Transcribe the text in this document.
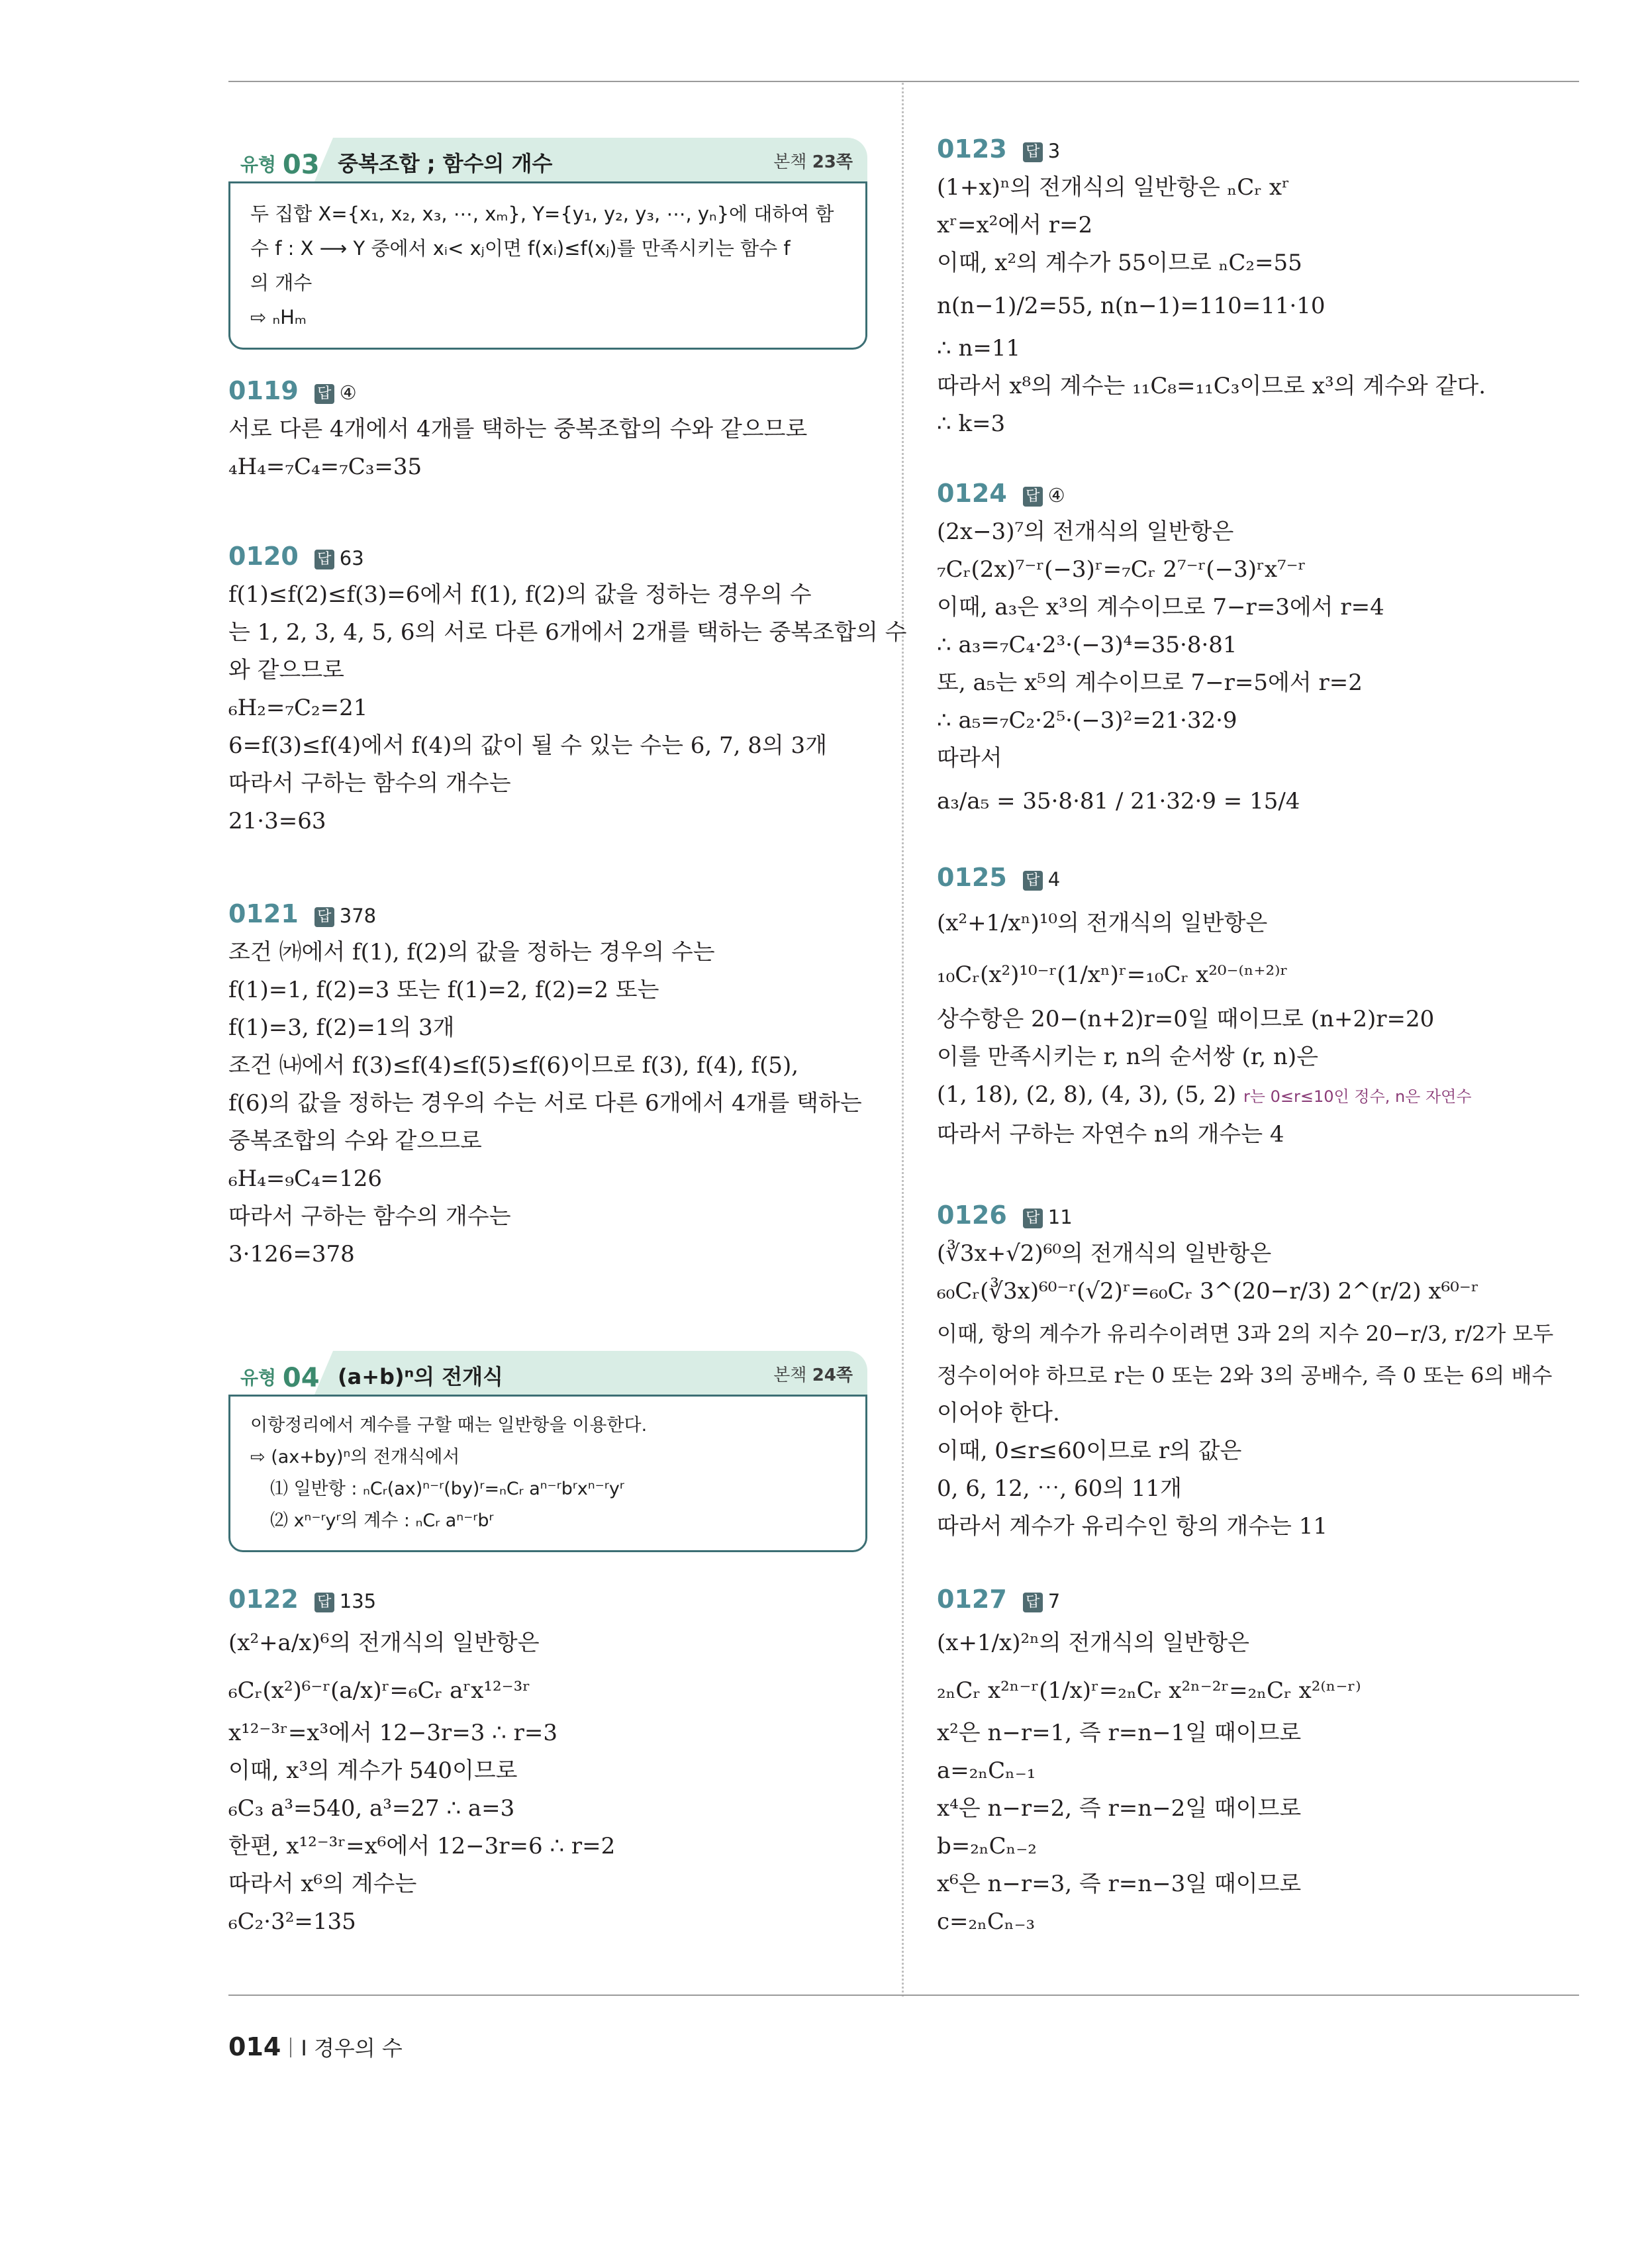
유형 03 중복조합 ; 함수의 개수	본책 23쪽
두 집합 X={x₁, x₂, x₃, ⋯, xₘ}, Y={y₁, y₂, y₃, ⋯, yₙ}에 대하여 함
수 f : X ⟶ Y 중에서 xᵢ< xⱼ이면 f(xᵢ)≤f(xⱼ)를 만족시키는 함수 f
의 개수
⇨ ₙHₘ
0119 답 ④
서로 다른 4개에서 4개를 택하는 중복조합의 수와 같으므로
₄H₄=₇C₄=₇C₃=35
0120 답 63
f(1)≤f(2)≤f(3)=6에서 f(1), f(2)의 값을 정하는 경우의 수
는 1, 2, 3, 4, 5, 6의 서로 다른 6개에서 2개를 택하는 중복조합의 수
와 같으므로
₆H₂=₇C₂=21
6=f(3)≤f(4)에서 f(4)의 값이 될 수 있는 수는 6, 7, 8의 3개
따라서 구하는 함수의 개수는
21·3=63
0121 답 378
조건 ㈎에서 f(1), f(2)의 값을 정하는 경우의 수는
f(1)=1, f(2)=3 또는 f(1)=2, f(2)=2 또는
f(1)=3, f(2)=1의 3개
조건 ㈏에서 f(3)≤f(4)≤f(5)≤f(6)이므로 f(3), f(4), f(5),
f(6)의 값을 정하는 경우의 수는 서로 다른 6개에서 4개를 택하는
중복조합의 수와 같으므로
₆H₄=₉C₄=126
따라서 구하는 함수의 개수는
3·126=378
유형 04 (a+b)ⁿ의 전개식	본책 24쪽
이항정리에서 계수를 구할 때는 일반항을 이용한다.
⇨ (ax+by)ⁿ의 전개식에서
⑴ 일반항 : ₙCᵣ(ax)ⁿ⁻ʳ(by)ʳ=ₙCᵣ aⁿ⁻ʳbʳxⁿ⁻ʳyʳ
⑵ xⁿ⁻ʳyʳ의 계수 : ₙCᵣ aⁿ⁻ʳbʳ
0122 답 135
(x²+a/x)⁶의 전개식의 일반항은
₆Cᵣ(x²)⁶⁻ʳ(a/x)ʳ=₆Cᵣ aʳx¹²⁻³ʳ
x¹²⁻³ʳ=x³에서 12−3r=3 ∴ r=3
이때, x³의 계수가 540이므로
₆C₃ a³=540, a³=27 ∴ a=3
한편, x¹²⁻³ʳ=x⁶에서 12−3r=6 ∴ r=2
따라서 x⁶의 계수는
₆C₂·3²=135
0123 답 3
(1+x)ⁿ의 전개식의 일반항은 ₙCᵣ xʳ
xʳ=x²에서 r=2
이때, x²의 계수가 55이므로 ₙC₂=55
n(n−1)/2=55, n(n−1)=110=11·10
∴ n=11
따라서 x⁸의 계수는 ₁₁C₈=₁₁C₃이므로 x³의 계수와 같다.
∴ k=3
0124 답 ④
(2x−3)⁷의 전개식의 일반항은
₇Cᵣ(2x)⁷⁻ʳ(−3)ʳ=₇Cᵣ 2⁷⁻ʳ(−3)ʳx⁷⁻ʳ
이때, a₃은 x³의 계수이므로 7−r=3에서 r=4
∴ a₃=₇C₄·2³·(−3)⁴=35·8·81
또, a₅는 x⁵의 계수이므로 7−r=5에서 r=2
∴ a₅=₇C₂·2⁵·(−3)²=21·32·9
따라서
a₃/a₅ = 35·8·81 / 21·32·9 = 15/4
0125 답 4
(x²+1/xⁿ)¹⁰의 전개식의 일반항은
₁₀Cᵣ(x²)¹⁰⁻ʳ(1/xⁿ)ʳ=₁₀Cᵣ x²⁰⁻⁽ⁿ⁺²⁾ʳ
상수항은 20−(n+2)r=0일 때이므로 (n+2)r=20
이를 만족시키는 r, n의 순서쌍 (r, n)은
(1, 18), (2, 8), (4, 3), (5, 2) r는 0≤r≤10인 정수, n은 자연수
따라서 구하는 자연수 n의 개수는 4
0126 답 11
(∛3x+√2)⁶⁰의 전개식의 일반항은
₆₀Cᵣ(∛3x)⁶⁰⁻ʳ(√2)ʳ=₆₀Cᵣ 3^(20−r/3) 2^(r/2) x⁶⁰⁻ʳ
이때, 항의 계수가 유리수이려면 3과 2의 지수 20−r/3, r/2가 모두
정수이어야 하므로 r는 0 또는 2와 3의 공배수, 즉 0 또는 6의 배수
이어야 한다.
이때, 0≤r≤60이므로 r의 값은
0, 6, 12, ⋯, 60의 11개
따라서 계수가 유리수인 항의 개수는 11
0127 답 7
(x+1/x)²ⁿ의 전개식의 일반항은
₂ₙCᵣ x²ⁿ⁻ʳ(1/x)ʳ=₂ₙCᵣ x²ⁿ⁻²ʳ=₂ₙCᵣ x²⁽ⁿ⁻ʳ⁾
x²은 n−r=1, 즉 r=n−1일 때이므로
a=₂ₙCₙ₋₁
x⁴은 n−r=2, 즉 r=n−2일 때이므로
b=₂ₙCₙ₋₂
x⁶은 n−r=3, 즉 r=n−3일 때이므로
c=₂ₙCₙ₋₃
014 Ⅰ 경우의 수
